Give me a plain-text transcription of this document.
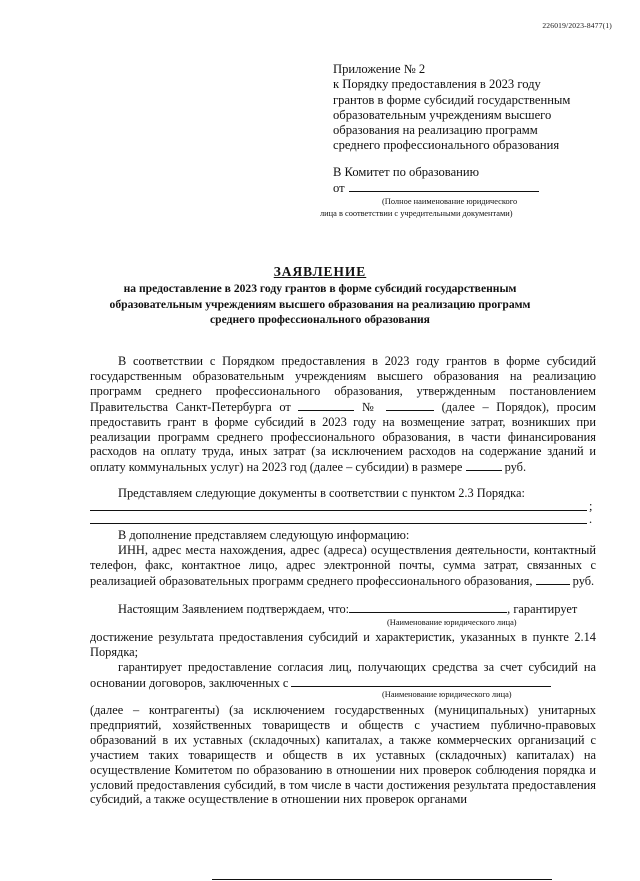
226019/2023-8477(1)
Приложение № 2
к Порядку предоставления в 2023 году
грантов в форме субсидий государственным
образовательным учреждениям высшего
образования на реализацию программ
среднего профессионального образования
В Комитет по образованию
от
(Полное наименование юридического
лица в соответствии с учредительными документами)
ЗАЯВЛЕНИЕ
на предоставление в 2023 году грантов в форме субсидий государственным
образовательным учреждениям высшего образования на реализацию программ
среднего профессионального образования
В соответствии с Порядком предоставления в 2023 году грантов в форме субсидий государственным образовательным учреждениям высшего образования на реализацию программ среднего профессионального образования, утвержденным постановлением Правительства Санкт-Петербурга от	№	(далее – Порядок), просим предоставить грант в форме субсидий в 2023 году на возмещение затрат, возникших при реализации программ среднего профессионального образования, в части финансирования расходов на оплату труда, иных затрат (за исключением расходов на содержание зданий и оплату коммунальных услуг) на 2023 год (далее – субсидии) в размере	руб.
Представляем следующие документы в соответствии с пунктом 2.3 Порядка:
;
.
В дополнение представляем следующую информацию:
ИНН, адрес места нахождения, адрес (адреса) осуществления деятельности, контактный телефон, факс, контактное лицо, адрес электронной почты, сумма затрат, связанных с реализацией образовательных программ среднего профессионального образования,	руб.
Настоящим Заявлением подтверждаем, что:	, гарантирует
(Наименование юридического лица)
достижение результата предоставления субсидий и характеристик, указанных в пункте 2.14 Порядка;
гарантирует предоставление согласия лиц, получающих средства за счет субсидий на основании договоров, заключенных с
(Наименование юридического лица)
(далее – контрагенты) (за исключением государственных (муниципальных) унитарных предприятий, хозяйственных товариществ и обществ с участием публично-правовых образований в их уставных (складочных) капиталах, а также коммерческих организаций с участием таких товариществ и обществ в их уставных (складочных) капиталах) на осуществление Комитетом по образованию в отношении них проверок соблюдения порядка и условий предоставления субсидий, в том числе в части достижения результата предоставления субсидий, а также осуществление в отношении них проверок органами
